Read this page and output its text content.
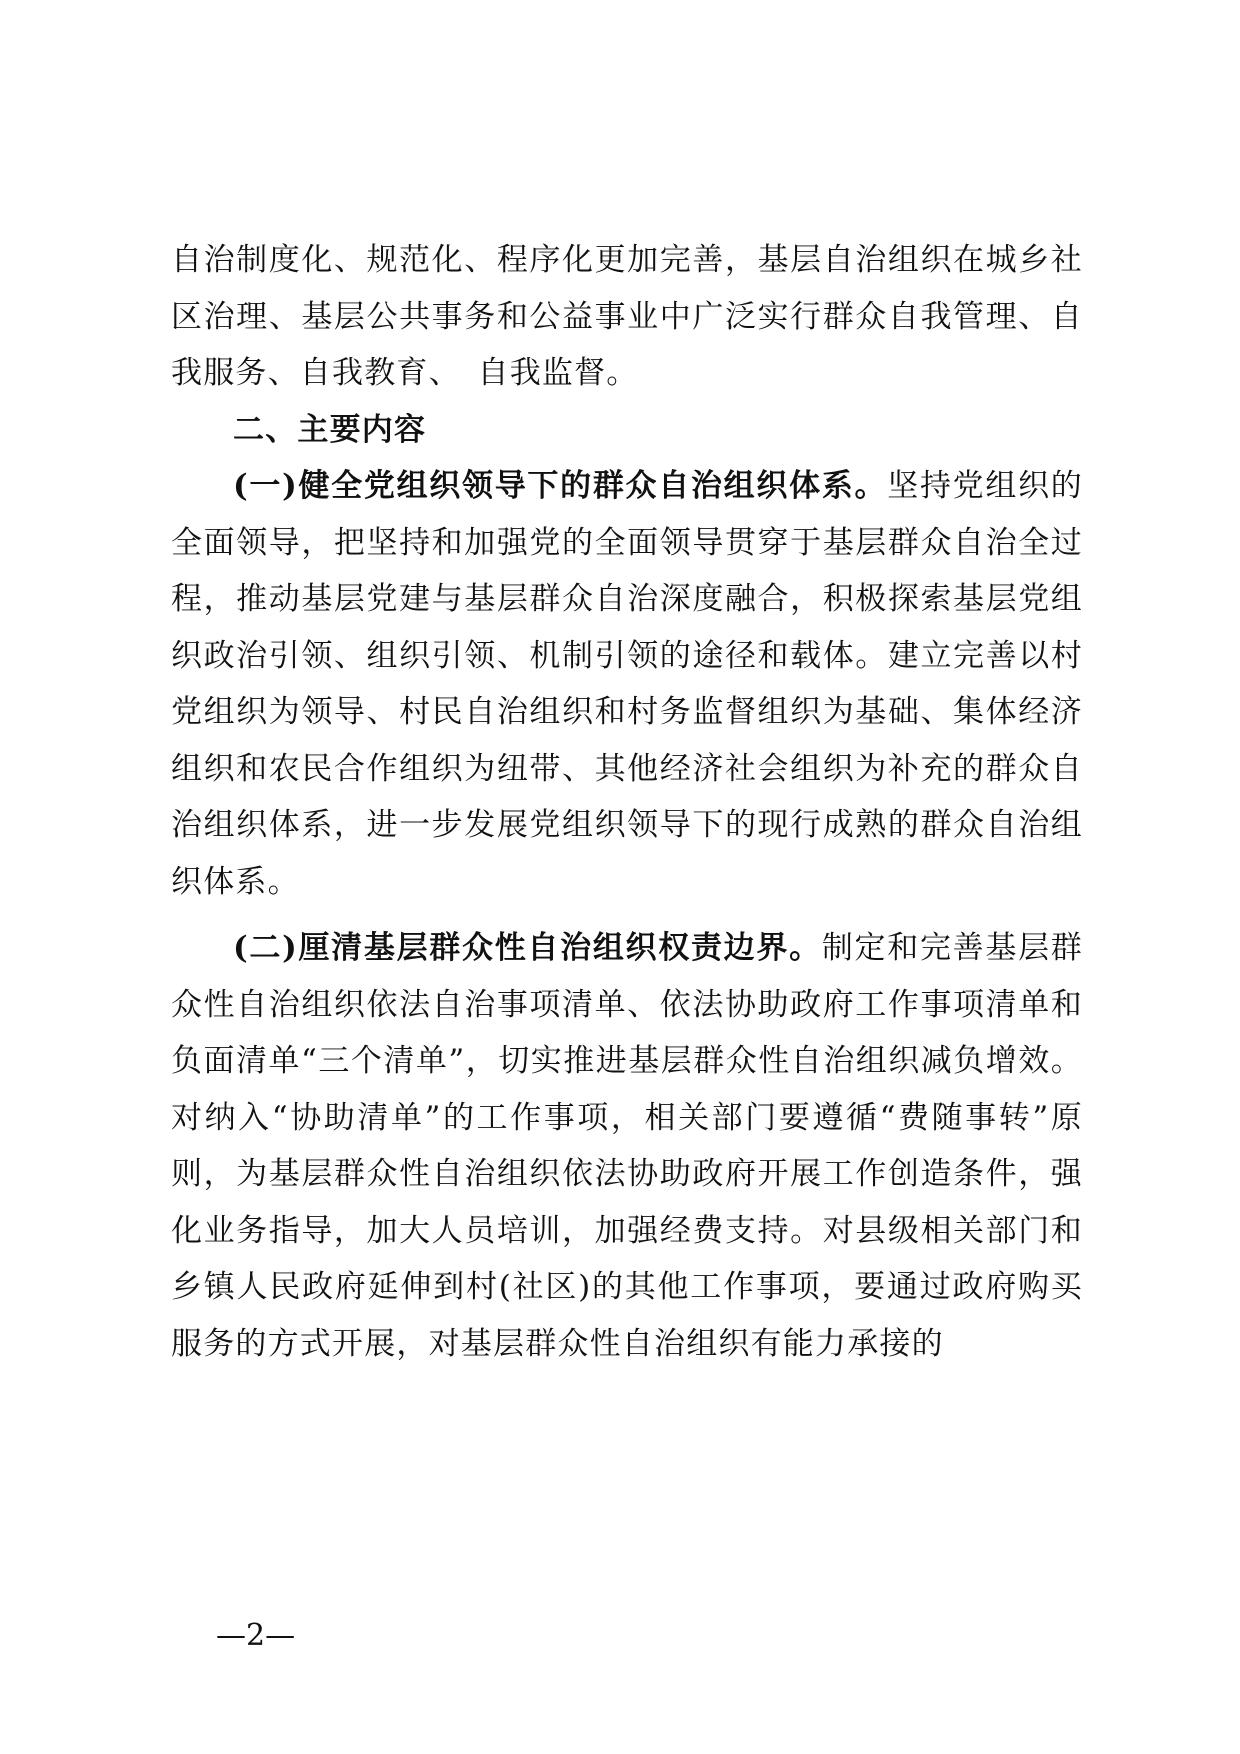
自治制度化、规范化、程序化更加完善，基层自治组织在城乡社区治理、基层公共事务和公益事业中广泛实行群众自我管理、自我服务、自我教育、　自我监督。

二、主要内容

(一)健全党组织领导下的群众自治组织体系。坚持党组织的全面领导，把坚持和加强党的全面领导贯穿于基层群众自治全过程，推动基层党建与基层群众自治深度融合，积极探索基层党组织政治引领、组织引领、机制引领的途径和载体。建立完善以村党组织为领导、村民自治组织和村务监督组织为基础、集体经济组织和农民合作组织为纽带、其他经济社会组织为补充的群众自治组织体系，进一步发展党组织领导下的现行成熟的群众自治组织体系。

(二)厘清基层群众性自治组织权责边界。制定和完善基层群众性自治组织依法自治事项清单、依法协助政府工作事项清单和负面清单“三个清单”，切实推进基层群众性自治组织减负增效。对纳入“协助清单”的工作事项，相关部门要遵循“费随事转”原则，为基层群众性自治组织依法协助政府开展工作创造条件，强化业务指导，加大人员培训，加强经费支持。对县级相关部门和乡镇人民政府延伸到村(社区)的其他工作事项，要通过政府购买服务的方式开展，对基层群众性自治组织有能力承接的

—2—
